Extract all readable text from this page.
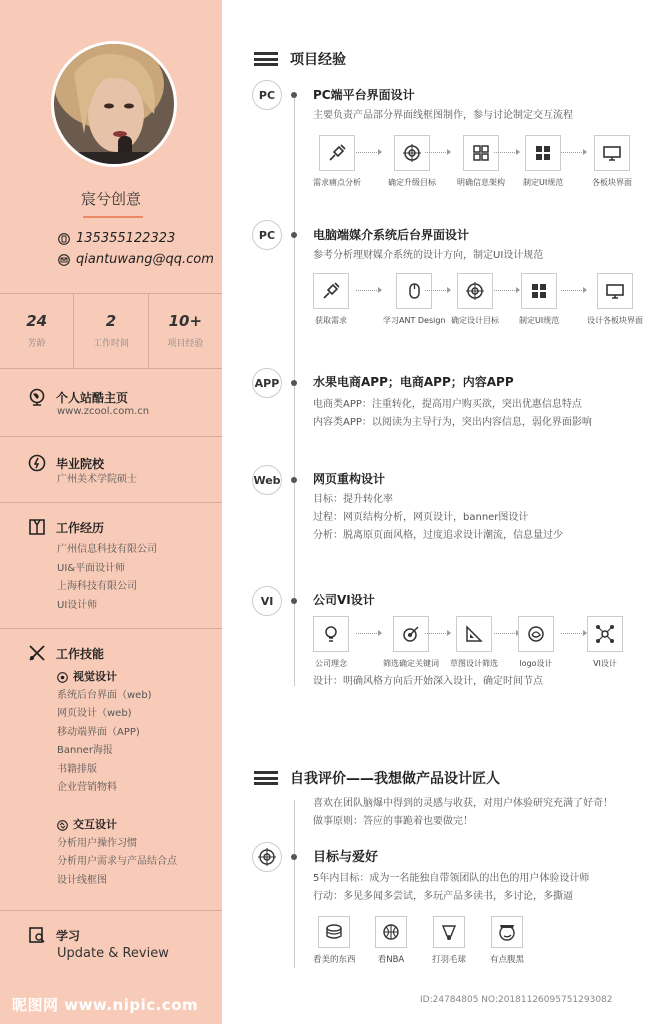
宸兮创意
135355122323
qiantuwang@qq.com
24
芳龄
2
工作时间
10+
项目经验
个人站酷主页
www.zcool.com.cn
毕业院校
广州美术学院硕士
工作经历
广州信息科技有限公司
UI&平面设计师
上海科技有限公司
UI设计师
工作技能
视觉设计
系统后台界面（web)
网页设计（web)
移动端界面（APP)
Banner海报
书籍排版
企业营销物料
交互设计
分析用户操作习惯
分析用户需求与产品结合点
设计线框图
学习
Update & Review
昵图网 www.nipic.com
项目经验
PC	PC端平台界面设计
主要负责产品部分界面线框图制作，参与讨论制定交互流程
需求痛点分析	确定升级目标	明确信息架构 制定UI规范	各板块界面
PC	电脑端媒介系统后台界面设计
参考分析理财媒介系统的设计方向，制定UI设计规范
获取需求	学习ANT Design 确定设计目标	制定UI规范	设计各板块界面
APP	水果电商APP；电商APP；内容APP
电商类APP：注重转化，提高用户购买欲，突出优惠信息特点
内容类APP：以阅读为主导行为，突出内容信息，弱化界面影响
Web	网页重构设计
目标：提升转化率
过程：网页结构分析，网页设计，banner图设计
分析：脱离原页面风格，过度追求设计潮流，信息量过少
VI	公司VI设计
公司理念	筛选确定关键词 草图设计筛选	logo设计	VI设计
设计：明确风格方向后开始深入设计，确定时间节点
自我评价——我想做产品设计匠人
喜欢在团队脑爆中得到的灵感与收获，对用户体验研究充满了好奇！
做事原则：答应的事跪着也要做完！
目标与爱好
5年内目标：成为一名能独自带领团队的出色的用户体验设计师
行动：多见多闻多尝试，多玩产品多读书，多讨论，多撕逼
看美的东西	看NBA	打羽毛球	有点腹黑
ID:24784805 NO:20181126095751293082
